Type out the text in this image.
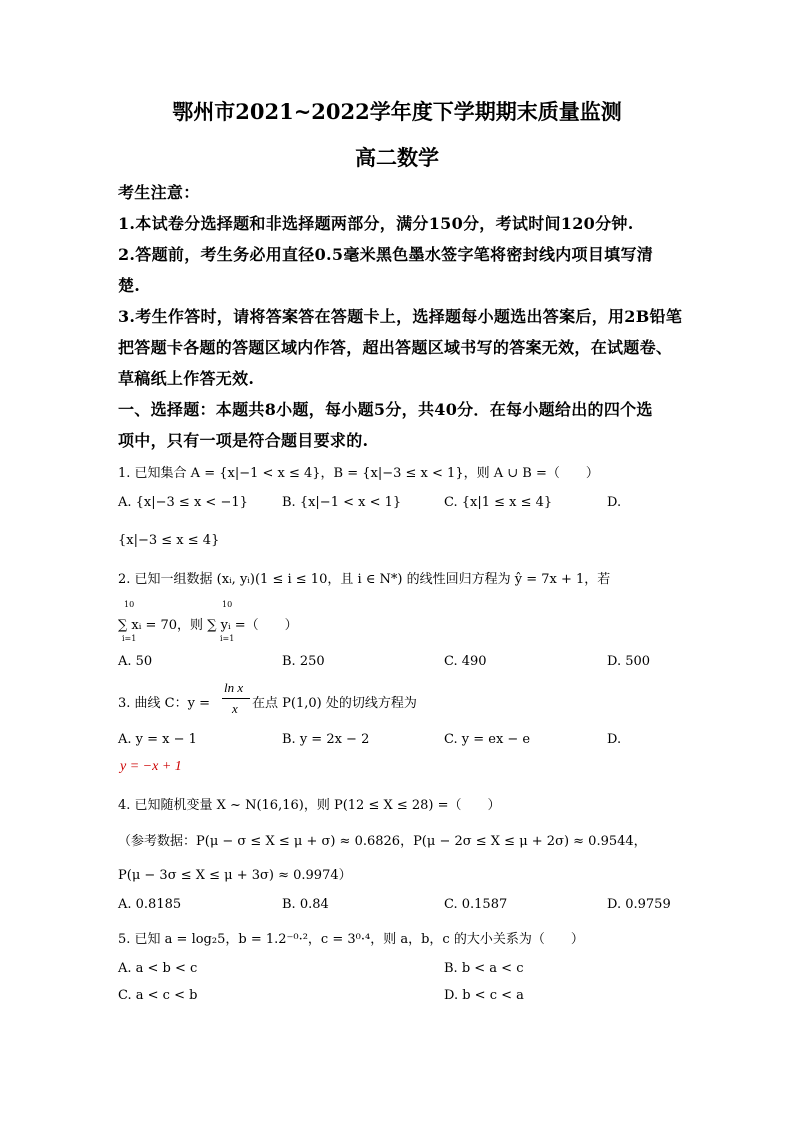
鄂州市2021~2022学年度下学期期末质量监测
高二数学
考生注意：
1.本试卷分选择题和非选择题两部分，满分150分，考试时间120分钟.
2.答题前，考生务必用直径0.5毫米黑色墨水签字笔将密封线内项目填写清
楚.
3.考生作答时，请将答案答在答题卡上，选择题每小题选出答案后，用2B铅笔
把答题卡各题的答题区域内作答，超出答题区域书写的答案无效，在试题卷、
草稿纸上作答无效.
一、选择题：本题共8小题，每小题5分，共40分．在每小题给出的四个选
项中，只有一项是符合题目要求的.
1. 已知集合 A = {x|−1 < x ≤ 4}，B = {x|−3 ≤ x < 1}，则 A ∪ B =（　　）
A. {x|−3 ≤ x < −1}	B. {x|−1 < x < 1}	C. {x|1 ≤ x ≤ 4}	D.
{x|−3 ≤ x ≤ 4}
2. 已知一组数据 (xᵢ, yᵢ)(1 ≤ i ≤ 10，且 i ∈ N*) 的线性回归方程为 ŷ = 7x + 1，若
10
i=1
10
i=1
∑ xᵢ = 70，则 ∑ yᵢ =（　　）
A. 50	B. 250	C. 490	D. 500
3. 曲线 C：y =
ln x
x 在点 P(1,0) 处的切线方程为
A. y = x − 1	B. y = 2x − 2	C. y = ex − e	D.
y = −x + 1
4. 已知随机变量 X ~ N(16,16)，则 P(12 ≤ X ≤ 28) =（　　）
（参考数据：P(μ − σ ≤ X ≤ μ + σ) ≈ 0.6826，P(μ − 2σ ≤ X ≤ μ + 2σ) ≈ 0.9544，
P(μ − 3σ ≤ X ≤ μ + 3σ) ≈ 0.9974）
A. 0.8185	B. 0.84	C. 0.1587	D. 0.9759
5. 已知 a = log₂5，b = 1.2⁻⁰·²，c = 3⁰·⁴，则 a，b，c 的大小关系为（　　）
A. a < b < c	B. b < a < c
C. a < c < b	D. b < c < a
